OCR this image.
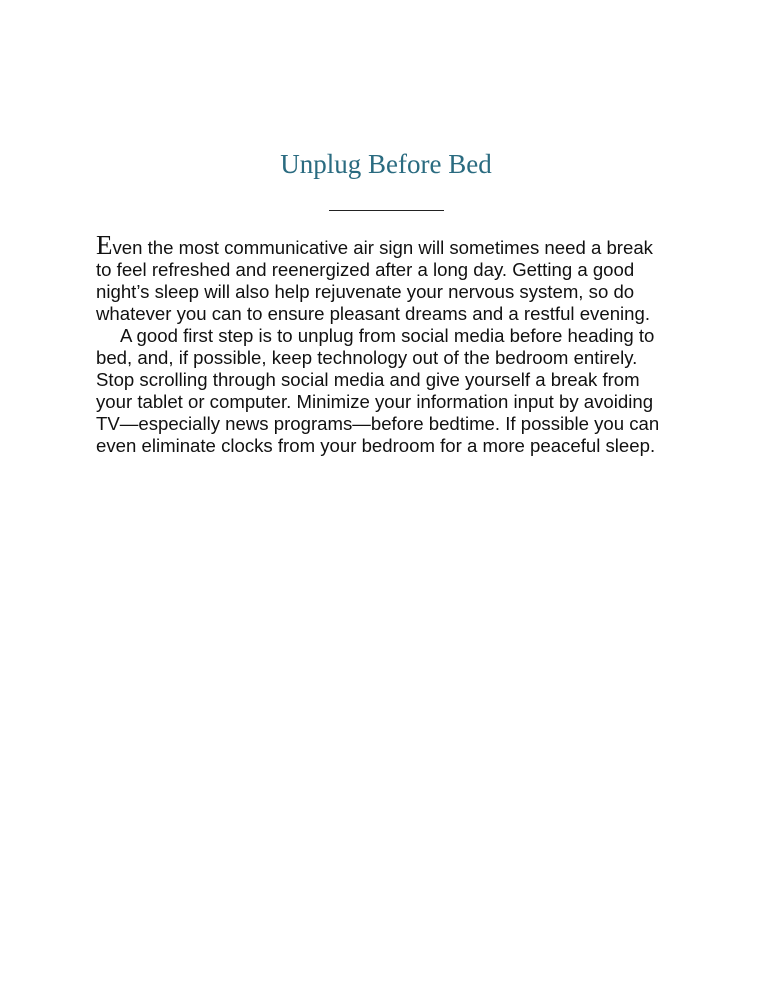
Unplug Before Bed

Even the most communicative air sign will sometimes need a break
to feel refreshed and reenergized after a long day. Getting a good
night’s sleep will also help rejuvenate your nervous system, so do
whatever you can to ensure pleasant dreams and a restful evening.

A good first step is to unplug from social media before heading to
bed, and, if possible, keep technology out of the bedroom entirely.
Stop scrolling through social media and give yourself a break from
your tablet or computer. Minimize your information input by avoiding
TV—especially news programs—before bedtime. If possible you can
even eliminate clocks from your bedroom for a more peaceful sleep.
